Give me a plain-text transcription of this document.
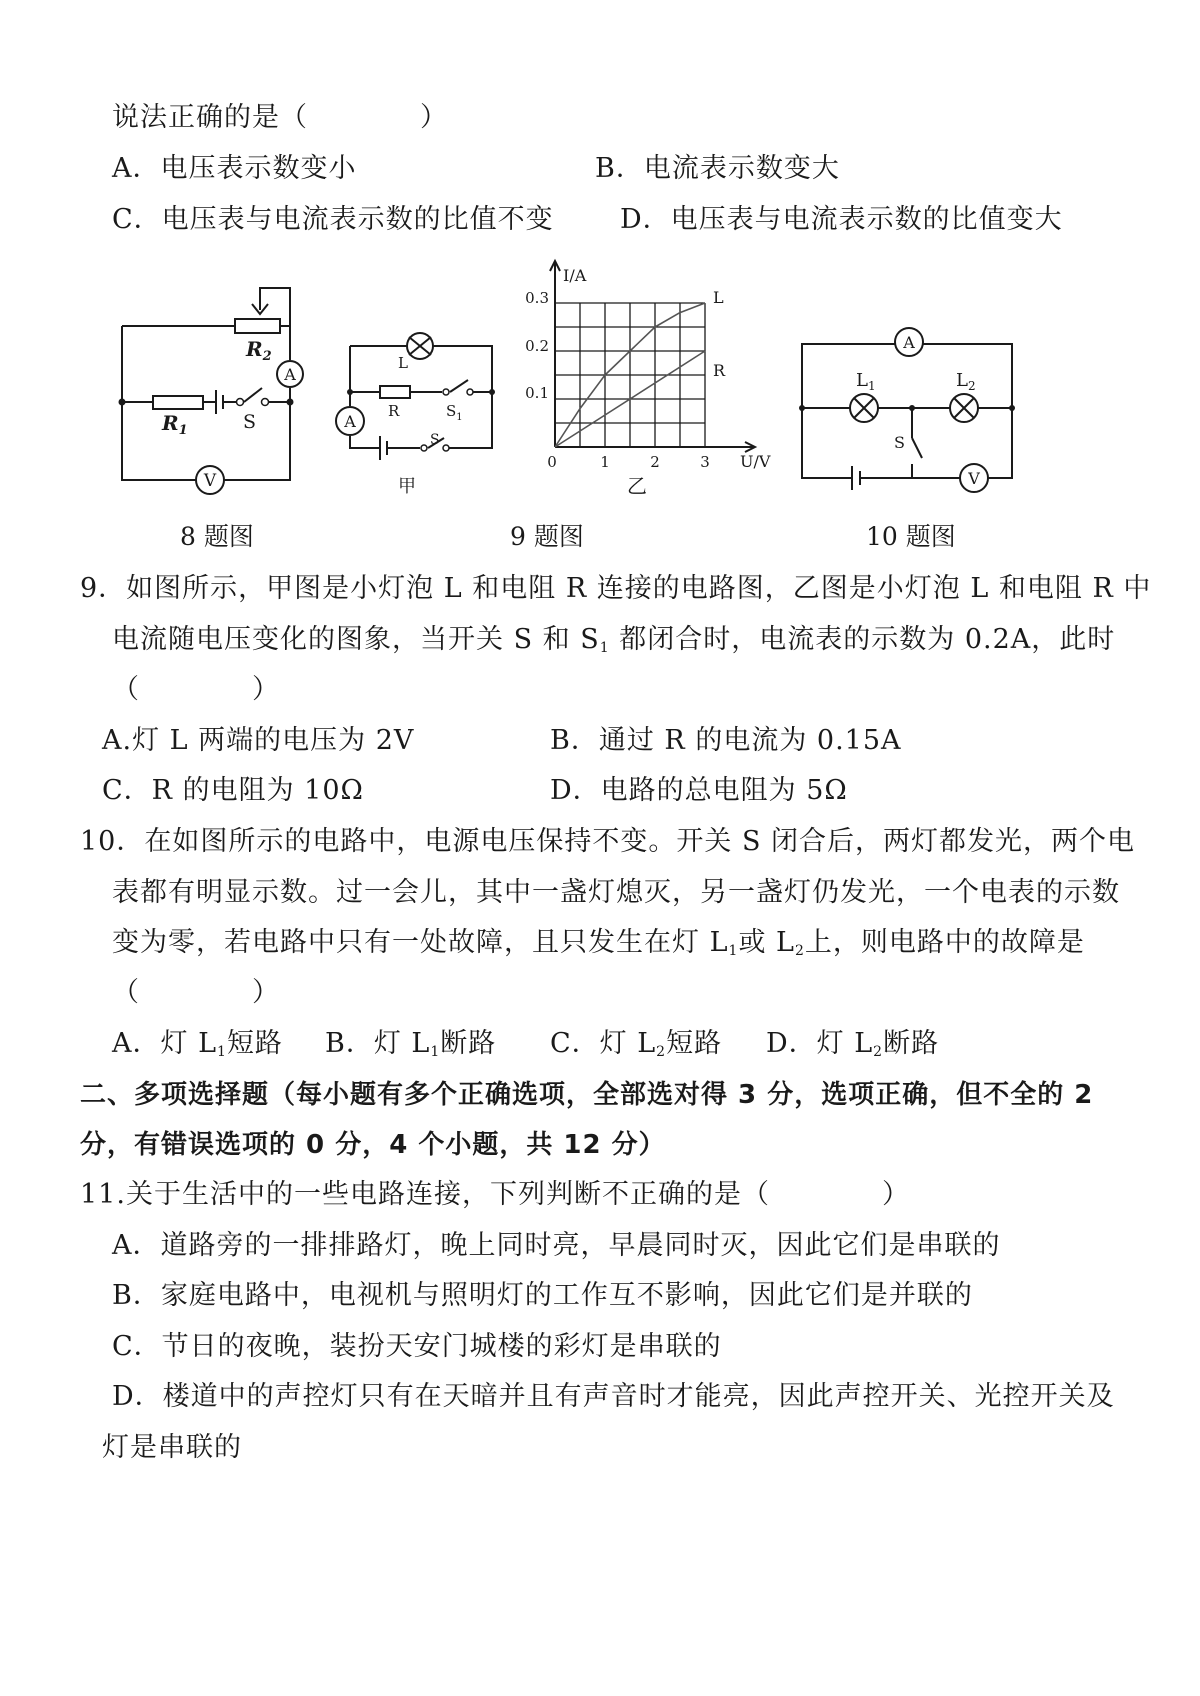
说法正确的是（　　　　）
A．电压表示数变小	B．电流表示数变大
C．电压表与电流表示数的比值不变 D．电压表与电流表示数的比值变大
A
V
$R_2$
$R_1$	S	A
L
R	$S_1$
S
甲
I/A
U/V
0
0.1
0.2
0.3
1	2	3
L
R
乙
A
V
$L_1$	$L_2$
S
8 题图	9 题图	10 题图
9．如图所示，甲图是小灯泡 L 和电阻 R 连接的电路图，乙图是小灯泡 L 和电阻 R 中
电流随电压变化的图象，当开关 S 和 $S_1$ 都闭合时，电流表的示数为 0.2A，此时
（　　　　）
A.灯 L 两端的电压为 2V	B．通过 R 的电流为 0.15A
C．R 的电阻为 10Ω	D．电路的总电阻为 5Ω
10．在如图所示的电路中，电源电压保持不变。开关 S 闭合后，两灯都发光，两个电
表都有明显示数。过一会儿，其中一盏灯熄灭，另一盏灯仍发光，一个电表的示数
变为零，若电路中只有一处故障，且只发生在灯 $L_1$或 $L_2$上，则电路中的故障是
（　　　　）
A．灯 $L_1$短路 B．灯 $L_1$断路 C．灯 $L_2$短路 D．灯 $L_2$断路
二、多项选择题（每小题有多个正确选项，全部选对得 3 分，选项正确，但不全的 2
分，有错误选项的 0 分，4 个小题，共 12 分）
11.关于生活中的一些电路连接，下列判断不正确的是（　　　　）
A．道路旁的一排排路灯，晚上同时亮，早晨同时灭，因此它们是串联的
B．家庭电路中，电视机与照明灯的工作互不影响，因此它们是并联的
C．节日的夜晚，装扮天安门城楼的彩灯是串联的
D．楼道中的声控灯只有在天暗并且有声音时才能亮，因此声控开关、光控开关及
灯是串联的
